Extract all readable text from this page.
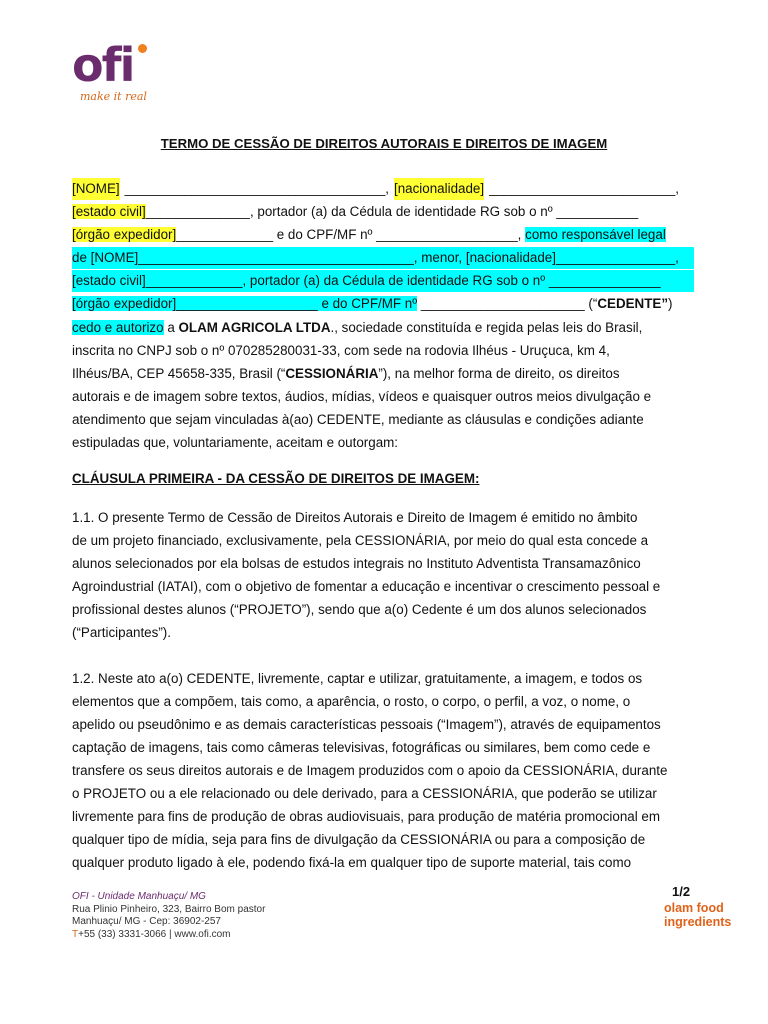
ofi
make it real
TERMO DE CESSÃO DE DIREITOS AUTORAIS E DIREITOS DE IMAGEM
[NOME] ___________________________________, [nacionalidade] _________________________,
[estado civil]______________, portador (a) da Cédula de identidade RG sob o nº ___________
[órgão expedidor]_____________ e do CPF/MF nº ___________________, como responsável legal
de [NOME]_____________________________________, menor, [nacionalidade]________________,
[estado civil]_____________, portador (a) da Cédula de identidade RG sob o nº _______________
[órgão expedidor]___________________ e do CPF/MF nº ______________________ (“CEDENTE”)
cedo e autorizo a OLAM AGRICOLA LTDA., sociedade constituída e regida pelas leis do Brasil,
inscrita no CNPJ sob o nº 070285280031-33, com sede na rodovia Ilhéus - Uruçuca, km 4,
Ilhéus/BA, CEP 45658-335, Brasil (“CESSIONÁRIA”), na melhor forma de direito, os direitos
autorais e de imagem sobre textos, áudios, mídias, vídeos e quaisquer outros meios divulgação e
atendimento que sejam vinculadas à(ao) CEDENTE, mediante as cláusulas e condições adiante
estipuladas que, voluntariamente, aceitam e outorgam:
CLÁUSULA PRIMEIRA - DA CESSÃO DE DIREITOS DE IMAGEM:
1.1. O presente Termo de Cessão de Direitos Autorais e Direito de Imagem é emitido no âmbito
de um projeto financiado, exclusivamente, pela CESSIONÁRIA, por meio do qual esta concede a
alunos selecionados por ela bolsas de estudos integrais no Instituto Adventista Transamazônico
Agroindustrial (IATAI), com o objetivo de fomentar a educação e incentivar o crescimento pessoal e
profissional destes alunos (“PROJETO”), sendo que a(o) Cedente é um dos alunos selecionados
(“Participantes”).
1.2. Neste ato a(o) CEDENTE, livremente, captar e utilizar, gratuitamente, a imagem, e todos os
elementos que a compõem, tais como, a aparência, o rosto, o corpo, o perfil, a voz, o nome, o
apelido ou pseudônimo e as demais características pessoais (“Imagem”), através de equipamentos
captação de imagens, tais como câmeras televisivas, fotográficas ou similares, bem como cede e
transfere os seus direitos autorais e de Imagem produzidos com o apoio da CESSIONÁRIA, durante
o PROJETO ou a ele relacionado ou dele derivado, para a CESSIONÁRIA, que poderão se utilizar
livremente para fins de produção de obras audiovisuais, para produção de matéria promocional em
qualquer tipo de mídia, seja para fins de divulgação da CESSIONÁRIA ou para a composição de
qualquer produto ligado à ele, podendo fixá-la em qualquer tipo de suporte material, tais como
OFI - Unidade Manhuaçu/ MG
Rua Plinio Pinheiro, 323, Bairro Bom pastor
Manhuaçu/ MG - Cep: 36902-257
T+55 (33) 3331-3066 | www.ofi.com
1/2
olam food
ingredients
